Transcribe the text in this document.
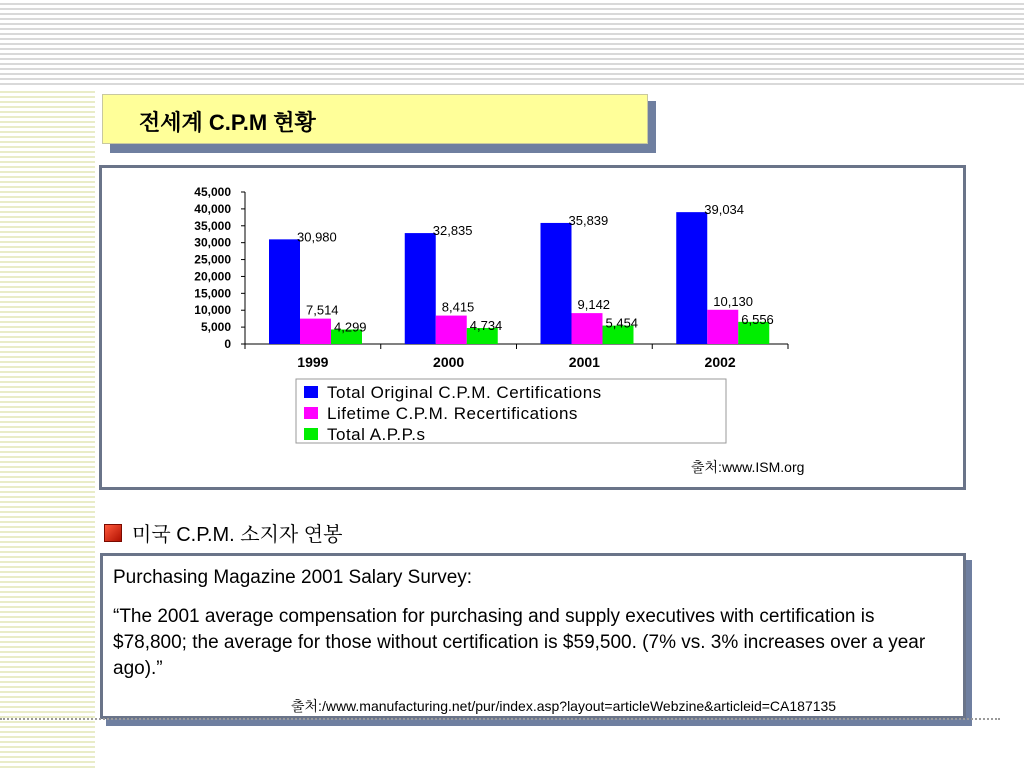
전세계 C.P.M 현황
0
5,000
10,000
15,000
20,000
25,000
30,000
35,000
40,000
45,000
30,980
7,514
4,299
1999
32,835
8,415
4,734
2000
35,839
9,142
5,454
2001
39,034
10,130
6,556
2002
Total Original C.P.M. Certifications
Lifetime C.P.M. Recertifications
Total A.P.P.s
출처:www.ISM.org
미국 C.P.M. 소지자 연봉
Purchasing Magazine 2001 Salary Survey:
“The 2001 average compensation for purchasing and supply executives with certification is $78,800; the average for those without certification is $59,500. (7% vs. 3% increases over a year ago).”
출처:/www.manufacturing.net/pur/index.asp?layout=articleWebzine&articleid=CA187135
